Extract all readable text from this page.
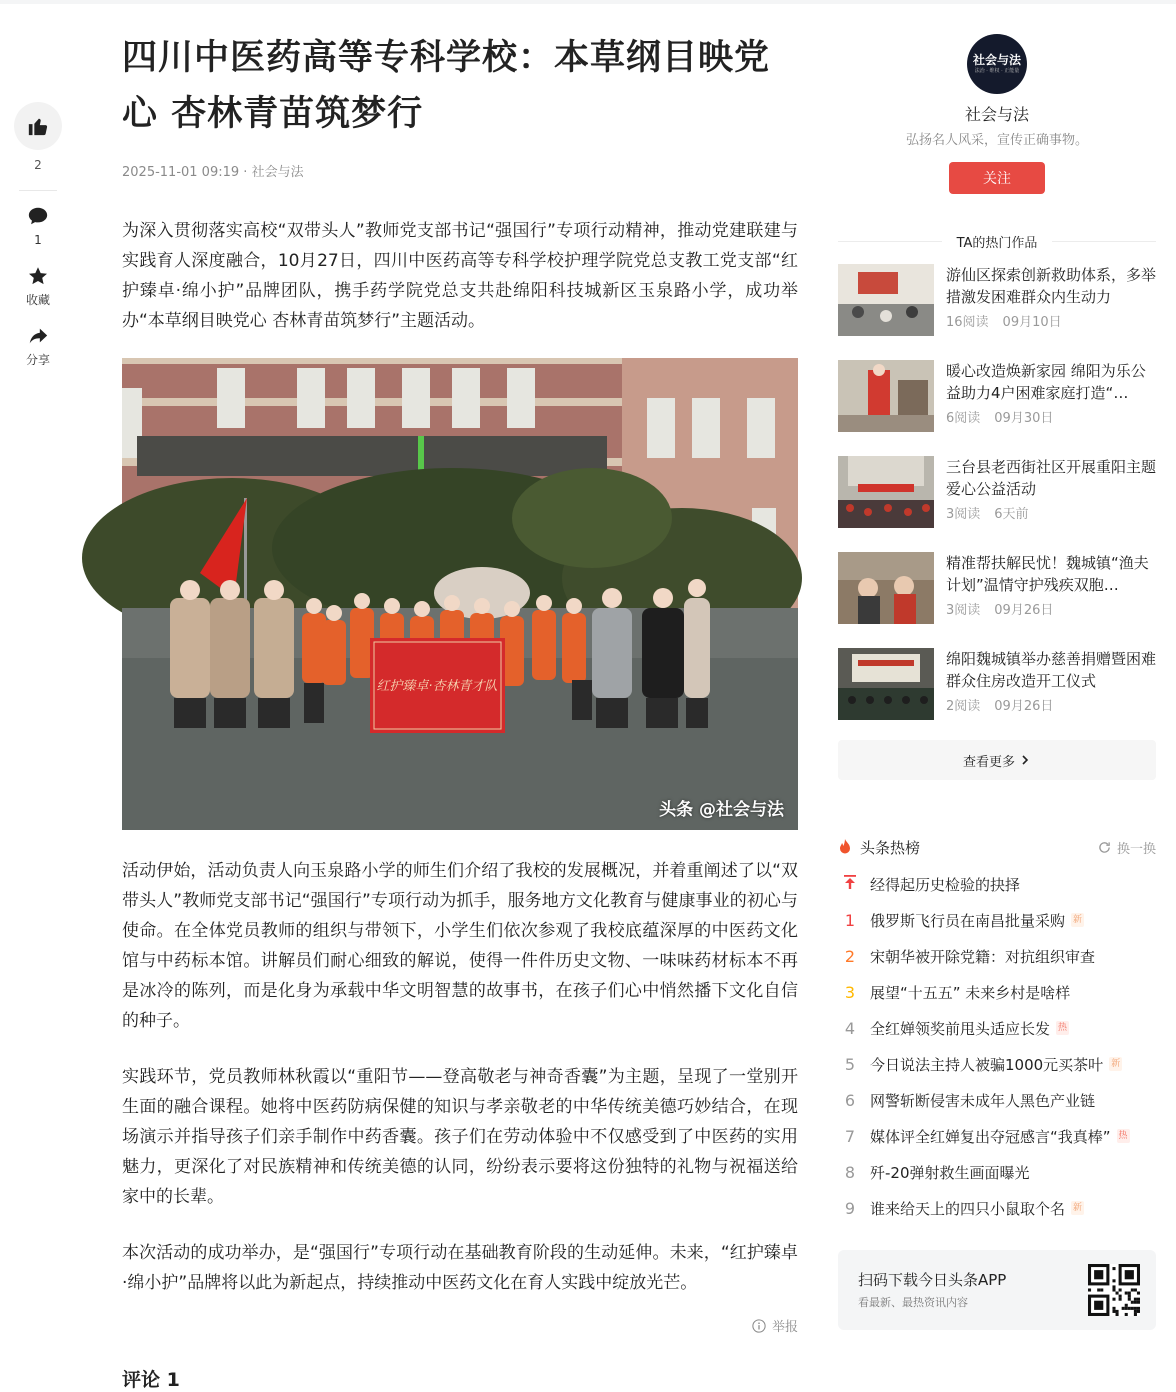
2
1
收藏
分享
四川中医药高等专科学校：本草纲目映党心 杏林青苗筑梦行
2025-11-01 09:19 · 社会与法

为深入贯彻落实高校“双带头人”教师党支部书记“强国行”专项行动精神，推动党建联建与实践育人深度融合，10月27日，四川中医药高等专科学校护理学院党总支教工党支部“红护臻卓·绵小护”品牌团队，携手药学院党总支共赴绵阳科技城新区玉泉路小学，成功举办“本草纲目映党心 杏林青苗筑梦行”主题活动。

红护臻卓·杏林青才队
头条 @社会与法

活动伊始，活动负责人向玉泉路小学的师生们介绍了我校的发展概况，并着重阐述了以“双带头人”教师党支部书记“强国行”专项行动为抓手，服务地方文化教育与健康事业的初心与使命。在全体党员教师的组织与带领下，小学生们依次参观了我校底蕴深厚的中医药文化馆与中药标本馆。讲解员们耐心细致的解说，使得一件件历史文物、一味味药材标本不再是冰冷的陈列，而是化身为承载中华文明智慧的故事书，在孩子们心中悄然播下文化自信的种子。

实践环节，党员教师林秋霞以“重阳节——登高敬老与神奇香囊”为主题，呈现了一堂别开生面的融合课程。她将中医药防病保健的知识与孝亲敬老的中华传统美德巧妙结合，在现场演示并指导孩子们亲手制作中药香囊。孩子们在劳动体验中不仅感受到了中医药的实用魅力，更深化了对民族精神和传统美德的认同，纷纷表示要将这份独特的礼物与祝福送给家中的长辈。

本次活动的成功举办，是“强国行”专项行动在基础教育阶段的生动延伸。未来，“红护臻卓·绵小护”品牌将以此为新起点，持续推动中医药文化在育人实践中绽放光芒。

举报
评论 1
社会与法
法治 · 维权 · 正能量
社会与法
弘扬名人风采，宣传正确事物。
关注
TA的热门作品
游仙区探索创新救助体系，多举措激发困难群众内生动力
16阅读 09月10日
暖心改造焕新家园 绵阳为乐公益助力4户困难家庭打造“…
6阅读 09月30日
三台县老西街社区开展重阳主题爱心公益活动
3阅读 6天前
精准帮扶解民忧！魏城镇“渔夫计划”温情守护残疾双胞…
3阅读 09月26日
绵阳魏城镇举办慈善捐赠暨困难群众住房改造开工仪式
2阅读 09月26日
查看更多
头条热榜	换一换
经得起历史检验的抉择
1 俄罗斯飞行员在南昌批量采购 新
2 宋朝华被开除党籍：对抗组织审查
3 展望“十五五” 未来乡村是啥样
4 全红婵领奖前甩头适应长发 热
5 今日说法主持人被骗1000元买茶叶 新
6 网警斩断侵害未成年人黑色产业链
7 媒体评全红婵复出夺冠感言“我真棒” 热
8 歼-20弹射救生画面曝光
9 谁来给天上的四只小鼠取个名 新
扫码下载今日头条APP
看最新、最热资讯内容
